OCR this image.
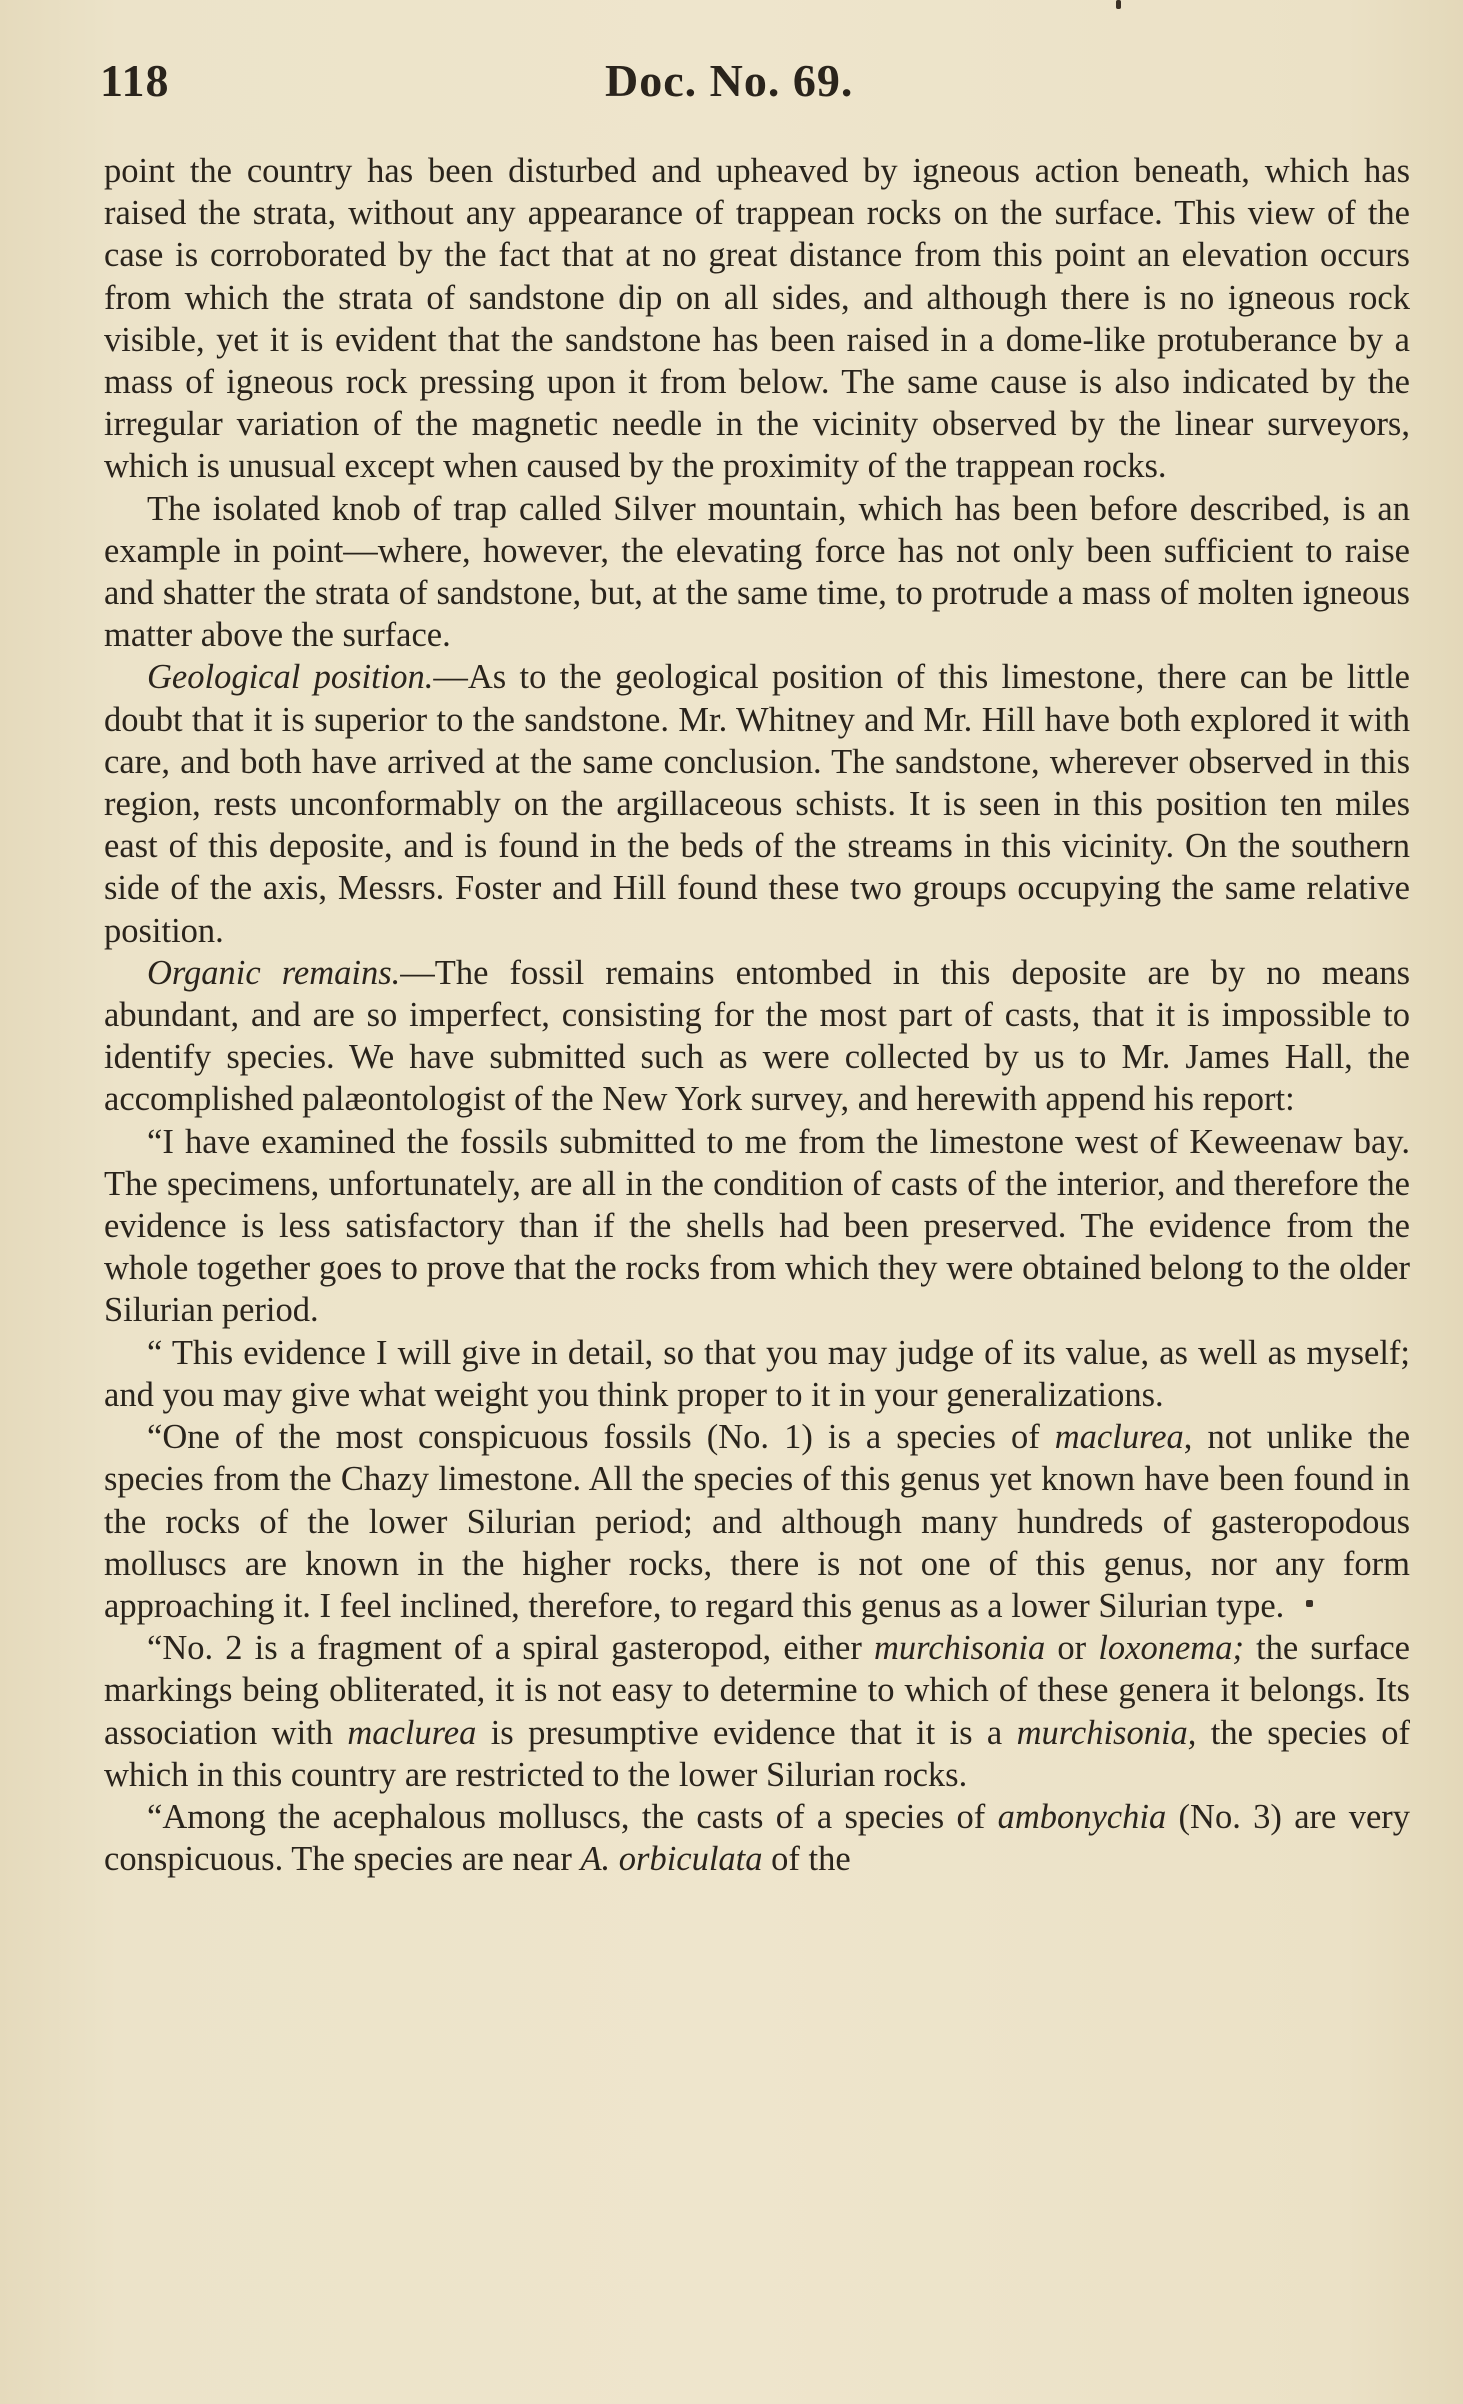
118	Doc. No. 69.

point the country has been disturbed and upheaved by igneous action beneath, which has raised the strata, without any appearance of trappean rocks on the surface. This view of the case is corroborated by the fact that at no great distance from this point an elevation occurs from which the strata of sandstone dip on all sides, and although there is no igneous rock visible, yet it is evident that the sandstone has been raised in a dome-like protuberance by a mass of igneous rock pressing upon it from below. The same cause is also indicated by the irregular variation of the magnetic needle in the vicinity observed by the linear surveyors, which is unusual except when caused by the proximity of the trappean rocks.

The isolated knob of trap called Silver mountain, which has been before described, is an example in point—where, however, the elevating force has not only been sufficient to raise and shatter the strata of sandstone, but, at the same time, to protrude a mass of molten igneous matter above the surface.

Geological position.—As to the geological position of this limestone, there can be little doubt that it is superior to the sandstone. Mr. Whitney and Mr. Hill have both explored it with care, and both have arrived at the same conclusion. The sandstone, wherever observed in this region, rests unconformably on the argillaceous schists. It is seen in this position ten miles east of this deposite, and is found in the beds of the streams in this vicinity. On the southern side of the axis, Messrs. Foster and Hill found these two groups occupying the same relative position.

Organic remains.—The fossil remains entombed in this deposite are by no means abundant, and are so imperfect, consisting for the most part of casts, that it is impossible to identify species. We have submitted such as were collected by us to Mr. James Hall, the accomplished palæontologist of the New York survey, and herewith append his report:

“I have examined the fossils submitted to me from the limestone west of Keweenaw bay. The specimens, unfortunately, are all in the condition of casts of the interior, and therefore the evidence is less satisfactory than if the shells had been preserved. The evidence from the whole together goes to prove that the rocks from which they were obtained belong to the older Silurian period.

“ This evidence I will give in detail, so that you may judge of its value, as well as myself; and you may give what weight you think proper to it in your generalizations.

“One of the most conspicuous fossils (No. 1) is a species of maclurea, not unlike the species from the Chazy limestone. All the species of this genus yet known have been found in the rocks of the lower Silurian period; and although many hundreds of gasteropodous molluscs are known in the higher rocks, there is not one of this genus, nor any form approaching it. I feel inclined, therefore, to regard this genus as a lower Silurian type.

“No. 2 is a fragment of a spiral gasteropod, either murchisonia or loxonema; the surface markings being obliterated, it is not easy to determine to which of these genera it belongs. Its association with maclurea is presumptive evidence that it is a murchisonia, the species of which in this country are restricted to the lower Silurian rocks.

“Among the acephalous molluscs, the casts of a species of ambonychia (No. 3) are very conspicuous. The species are near A. orbiculata of the
